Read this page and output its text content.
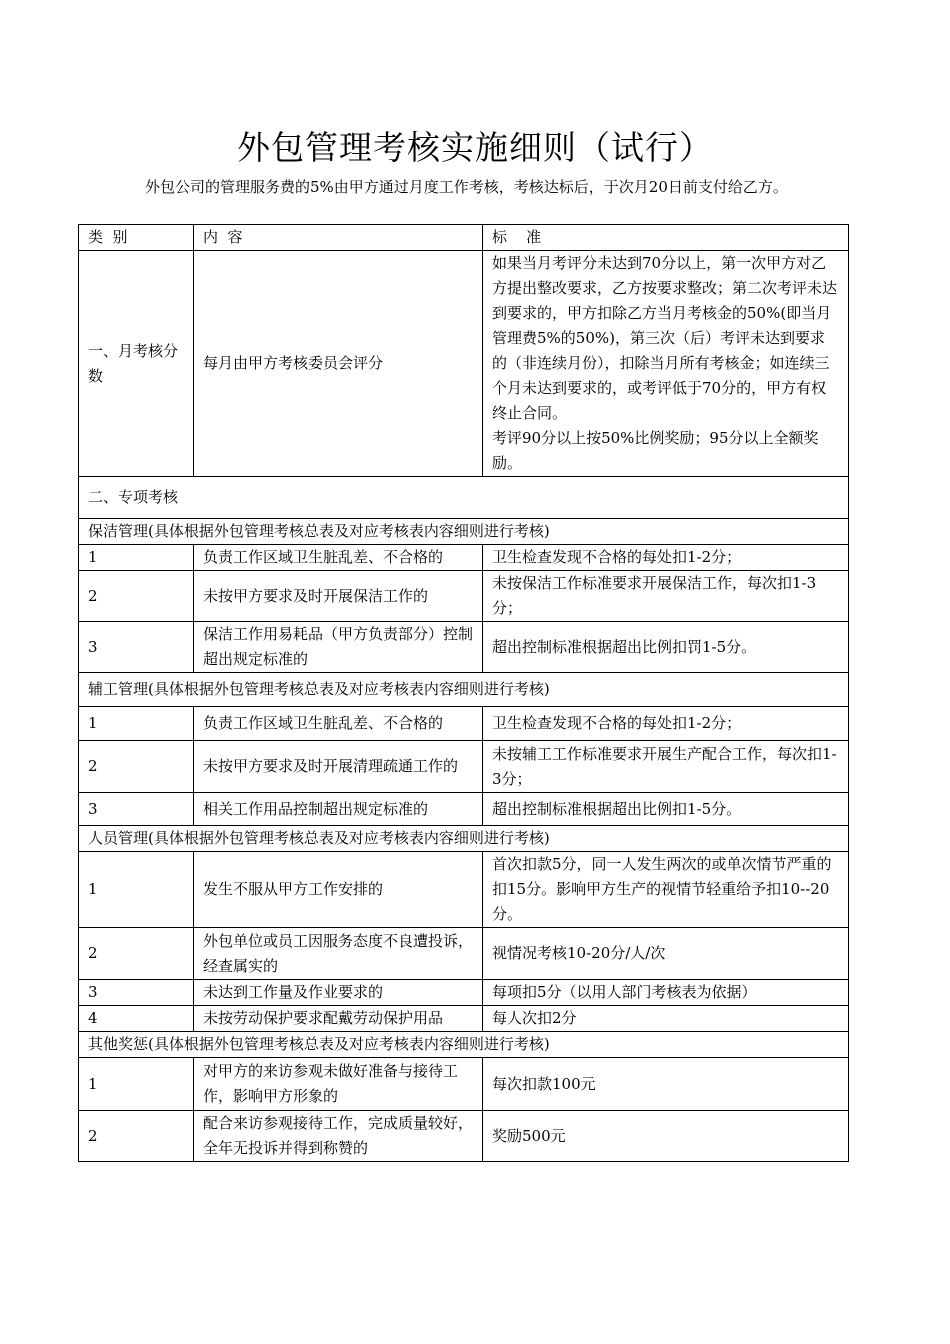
外包管理考核实施细则（试行）
外包公司的管理服务费的5%由甲方通过月度工作考核，考核达标后，于次月20日前支付给乙方。
类  别	内  容	标    准
一、月考核分数	每月由甲方考核委员会评分	如果当月考评分未达到70分以上，第一次甲方对乙方提出整改要求，乙方按要求整改；第二次考评未达到要求的，甲方扣除乙方当月考核金的50%(即当月管理费5%的50%)，第三次（后）考评未达到要求的（非连续月份），扣除当月所有考核金；如连续三个月未达到要求的，或考评低于70分的，甲方有权终止合同。
考评90分以上按50%比例奖励；95分以上全额奖励。

二、专项考核		
保洁管理(具体根据外包管理考核总表及对应考核表内容细则进行考核)		
1	负责工作区域卫生脏乱差、不合格的	卫生检查发现不合格的每处扣1-2分；
2	未按甲方要求及时开展保洁工作的	未按保洁工作标准要求开展保洁工作，每次扣1-3分；
3	保洁工作用易耗品（甲方负责部分）控制超出规定标准的	超出控制标准根据超出比例扣罚1-5分。
辅工管理(具体根据外包管理考核总表及对应考核表内容细则进行考核)		
1	负责工作区域卫生脏乱差、不合格的	卫生检查发现不合格的每处扣1-2分；
2	未按甲方要求及时开展清理疏通工作的	未按辅工工作标准要求开展生产配合工作，每次扣1-3分；
3	相关工作用品控制超出规定标准的	超出控制标准根据超出比例扣1-5分。
人员管理(具体根据外包管理考核总表及对应考核表内容细则进行考核)		
1	发生不服从甲方工作安排的	首次扣款5分，同一人发生两次的或单次情节严重的扣15分。影响甲方生产的视情节轻重给予扣10--20分。
2	外包单位或员工因服务态度不良遭投诉，经查属实的	视情况考核10-20分/人/次
3	未达到工作量及作业要求的	每项扣5分（以用人部门考核表为依据）
4	未按劳动保护要求配戴劳动保护用品	每人次扣2分
其他奖惩(具体根据外包管理考核总表及对应考核表内容细则进行考核)		
1	对甲方的来访参观未做好准备与接待工作，影响甲方形象的	每次扣款100元
2	配合来访参观接待工作，完成质量较好，全年无投诉并得到称赞的	奖励500元
